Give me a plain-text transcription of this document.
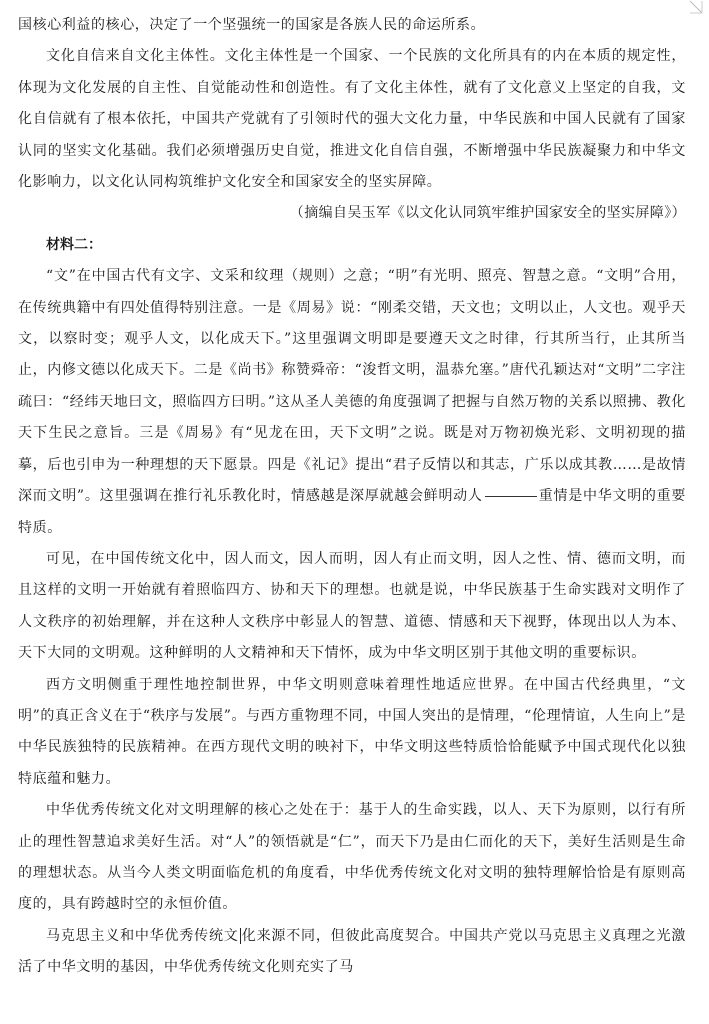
国核心利益的核心，决定了一个坚强统一的国家是各族人民的命运所系。

文化自信来自文化主体性。文化主体性是一个国家、一个民族的文化所具有的内在本质的规定性，体现为文化发展的自主性、自觉能动性和创造性。有了文化主体性，就有了文化意义上坚定的自我，文化自信就有了根本依托，中国共产党就有了引领时代的强大文化力量，中华民族和中国人民就有了国家认同的坚实文化基础。我们必须增强历史自觉，推进文化自信自强，不断增强中华民族凝聚力和中华文化影响力，以文化认同构筑维护文化安全和国家安全的坚实屏障。

（摘编自吴玉军《以文化认同筑牢维护国家安全的坚实屏障》）

材料二：

“文”在中国古代有文字、文采和纹理（规则）之意；“明”有光明、照亮、智慧之意。“文明”合用，在传统典籍中有四处值得特别注意。一是《周易》说：“刚柔交错，天文也；文明以止，人文也。观乎天文，以察时变；观乎人文，以化成天下。”这里强调文明即是要遵天文之时律，行其所当行，止其所当止，内修文德以化成天下。二是《尚书》称赞舜帝：“浚哲文明，温恭允塞。”唐代孔颖达对“文明”二字注疏曰：“经纬天地曰文，照临四方曰明。”这从圣人美德的角度强调了把握与自然万物的关系以照拂、教化天下生民之意旨。三是《周易》有“见龙在田，天下文明”之说。既是对万物初焕光彩、文明初现的描摹，后也引申为一种理想的天下愿景。四是《礼记》提出“君子反情以和其志，广乐以成其教……是故情深而文明”。这里强调在推行礼乐教化时，情感越是深厚就越会鲜明动人	重情是中华文明的重要特质。

可见，在中国传统文化中，因人而文，因人而明，因人有止而文明，因人之性、情、德而文明，而且这样的文明一开始就有着照临四方、协和天下的理想。也就是说，中华民族基于生命实践对文明作了人文秩序的初始理解，并在这种人文秩序中彰显人的智慧、道德、情感和天下视野，体现出以人为本、天下大同的文明观。这种鲜明的人文精神和天下情怀，成为中华文明区别于其他文明的重要标识。

西方文明侧重于理性地控制世界，中华文明则意味着理性地适应世界。在中国古代经典里，“文明”的真正含义在于“秩序与发展”。与西方重物理不同，中国人突出的是情理，“伦理情谊，人生向上”是中华民族独特的民族精神。在西方现代文明的映衬下，中华文明这些特质恰恰能赋予中国式现代化以独特底蕴和魅力。

中华优秀传统文化对文明理解的核心之处在于：基于人的生命实践，以人、天下为原则，以行有所止的理性智慧追求美好生活。对“人”的领悟就是“仁”，而天下乃是由仁而化的天下，美好生活则是生命的理想状态。从当今人类文明面临危机的角度看，中华优秀传统文化对文明的独特理解恰恰是有原则高度的，具有跨越时空的永恒价值。

马克思主义和中华优秀传统文 化来源不同，但彼此高度契合。中国共产党以马克思主义真理之光激活了中华文明的基因，中华优秀传统文化则充实了马
